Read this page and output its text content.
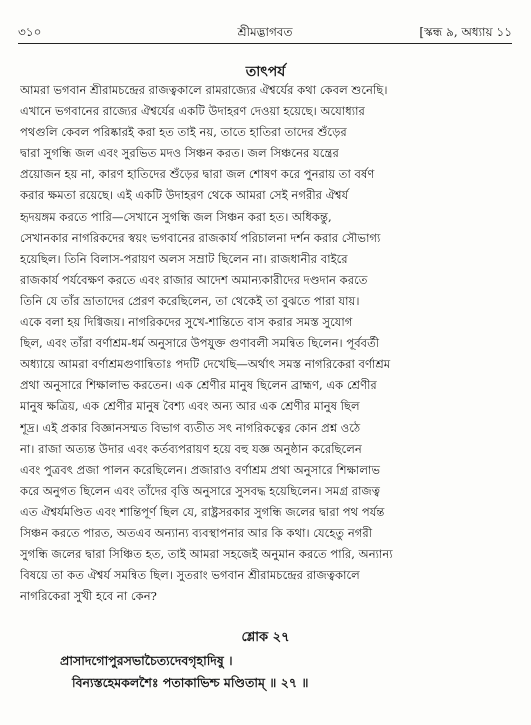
শ্রীমদ্ভাগবত
৩১০	[স্কন্ধ ৯, অধ্যায় ১১
তাৎপর্য
আমরা ভগবান শ্রীরামচন্দ্রের রাজত্বকালে রামরাজ্যের ঐশ্বর্যের কথা কেবল শুনেছি।
এখানে ভগবানের রাজ্যের ঐশ্বর্যের একটি উদাহরণ দেওয়া হয়েছে। অযোধ্যার
পথগুলি কেবল পরিষ্কারই করা হত তাই নয়, তাতে হাতিরা তাদের শুঁড়ের
দ্বারা সুগন্ধি জল এবং সুরভিত মদও সিঞ্চন করত। জল সিঞ্চনের যন্ত্রের
প্রয়োজন হয় না, কারণ হাতিদের শুঁড়ের দ্বারা জল শোষণ করে পুনরায় তা বর্ষণ
করার ক্ষমতা রয়েছে। এই একটি উদাহরণ থেকে আমরা সেই নগরীর ঐশ্বর্য
হৃদয়ঙ্গম করতে পারি—সেখানে সুগন্ধি জল সিঞ্চন করা হত। অধিকন্তু,
সেখানকার নাগরিকদের স্বয়ং ভগবানের রাজকার্য পরিচালনা দর্শন করার সৌভাগ্য
হয়েছিল। তিনি বিলাস-পরায়ণ অলস সম্রাট ছিলেন না। রাজধানীর বাইরে
রাজকার্য পর্যবেক্ষণ করতে এবং রাজার আদেশ অমান্যকারীদের দণ্ডদান করতে
তিনি যে তাঁর ভ্রাতাদের প্রেরণ করেছিলেন, তা থেকেই তা বুঝতে পারা যায়।
একে বলা হয় দিগ্বিজয়। নাগরিকদের সুখে-শান্তিতে বাস করার সমস্ত সুযোগ
ছিল, এবং তাঁরা বর্ণাশ্রম-ধর্ম অনুসারে উপযুক্ত গুণাবলী সমন্বিত ছিলেন। পূর্ববর্তী
অধ্যায়ে আমরা বর্ণাশ্রমগুণান্বিতাঃ পদটি দেখেছি—অর্থাৎ সমস্ত নাগরিকেরা বর্ণাশ্রম
প্রথা অনুসারে শিক্ষালাভ করতেন। এক শ্রেণীর মানুষ ছিলেন ব্রাহ্মণ, এক শ্রেণীর
মানুষ ক্ষত্রিয়, এক শ্রেণীর মানুষ বৈশ্য এবং অন্য আর এক শ্রেণীর মানুষ ছিল
শূদ্র। এই প্রকার বিজ্ঞানসম্মত বিভাগ ব্যতীত সৎ নাগরিকত্বের কোন প্রশ্ন ওঠে
না। রাজা অত্যন্ত উদার এবং কর্তব্যপরায়ণ হয়ে বহু যজ্ঞ অনুষ্ঠান করেছিলেন
এবং পুত্রবৎ প্রজা পালন করেছিলেন। প্রজারাও বর্ণাশ্রম প্রথা অনুসারে শিক্ষালাভ
করে অনুগত ছিলেন এবং তাঁদের বৃত্তি অনুসারে সুসবদ্ধ হয়েছিলেন। সমগ্র রাজত্ব
এত ঐশ্বর্যমণ্ডিত এবং শান্তিপূর্ণ ছিল যে, রাষ্ট্রসরকার সুগন্ধি জলের দ্বারা পথ পর্যন্ত
সিঞ্চন করতে পারত, অতএব অন্যান্য ব্যবস্থাপনার আর কি কথা। যেহেতু নগরী
সুগন্ধি জলের দ্বারা সিঞ্চিত হত, তাই আমরা সহজেই অনুমান করতে পারি, অন্যান্য
বিষয়ে তা কত ঐশ্বর্য সমন্বিত ছিল। সুতরাং ভগবান শ্রীরামচন্দ্রের রাজত্বকালে
নাগরিকেরা সুখী হবে না কেন?
শ্লোক ২৭
প্রাসাদগোপুরসভাচৈত্যদেবগৃহাদিষু ।
বিন্যস্তহেমকলশৈঃ পতাকাভিশ্চ মণ্ডিতাম্ ॥ ২৭ ॥
